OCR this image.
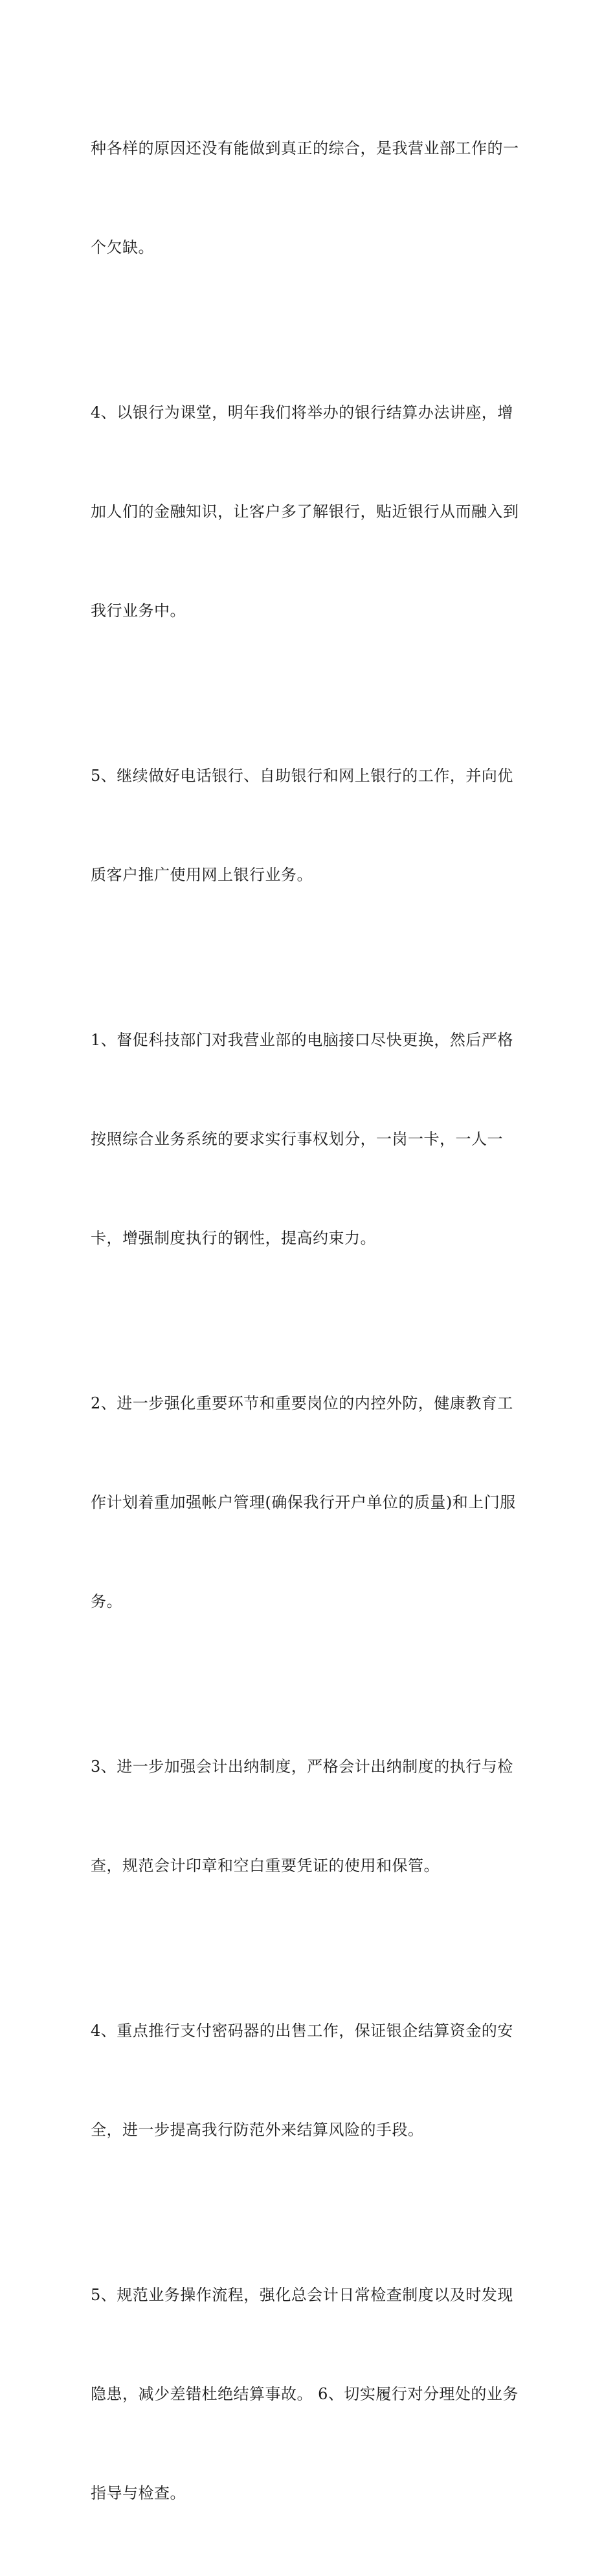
种各样的原因还没有能做到真正的综合，是我营业部工作的一

个欠缺。

4、以银行为课堂，明年我们将举办的银行结算办法讲座，增

加人们的金融知识，让客户多了解银行，贴近银行从而融入到

我行业务中。

5、继续做好电话银行、自助银行和网上银行的工作，并向优

质客户推广使用网上银行业务。

1、督促科技部门对我营业部的电脑接口尽快更换，然后严格

按照综合业务系统的要求实行事权划分，一岗一卡，一人一

卡，增强制度执行的钢性，提高约束力。

2、进一步强化重要环节和重要岗位的内控外防，健康教育工

作计划着重加强帐户管理(确保我行开户单位的质量)和上门服

务。

3、进一步加强会计出纳制度，严格会计出纳制度的执行与检

查，规范会计印章和空白重要凭证的使用和保管。

4、重点推行支付密码器的出售工作，保证银企结算资金的安

全，进一步提高我行防范外来结算风险的手段。

5、规范业务操作流程，强化总会计日常检查制度以及时发现

隐患，减少差错杜绝结算事故。 6、切实履行对分理处的业务

指导与检查。
